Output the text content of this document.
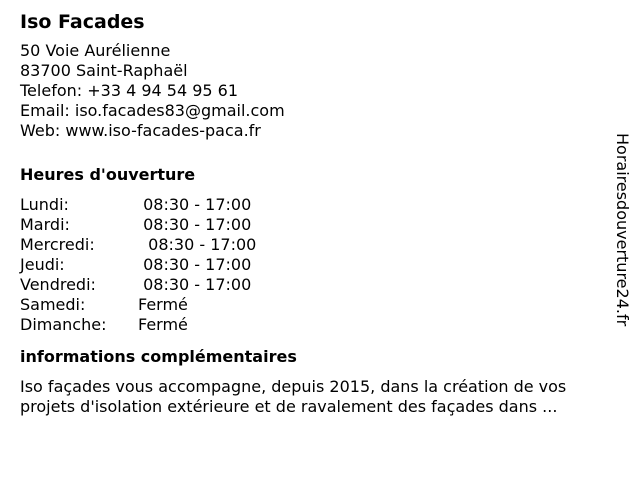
Iso Facades
50 Voie Aurélienne
83700 Saint-Raphaël
Telefon: +33 4 94 54 95 61
Email: iso.facades83@gmail.com
Web: www.iso-facades-paca.fr
Heures d'ouverture
Lundi:	08:30 - 17:00
Mardi:	08:30 - 17:00
Mercredi:	08:30 - 17:00
Jeudi:	08:30 - 17:00
Vendredi:	08:30 - 17:00
Samedi:	Fermé
Dimanche:	Fermé
informations complémentaires
Iso façades vous accompagne, depuis 2015, dans la création de vos
projets d'isolation extérieure et de ravalement des façades dans ...
Horairesdouverture24.fr
